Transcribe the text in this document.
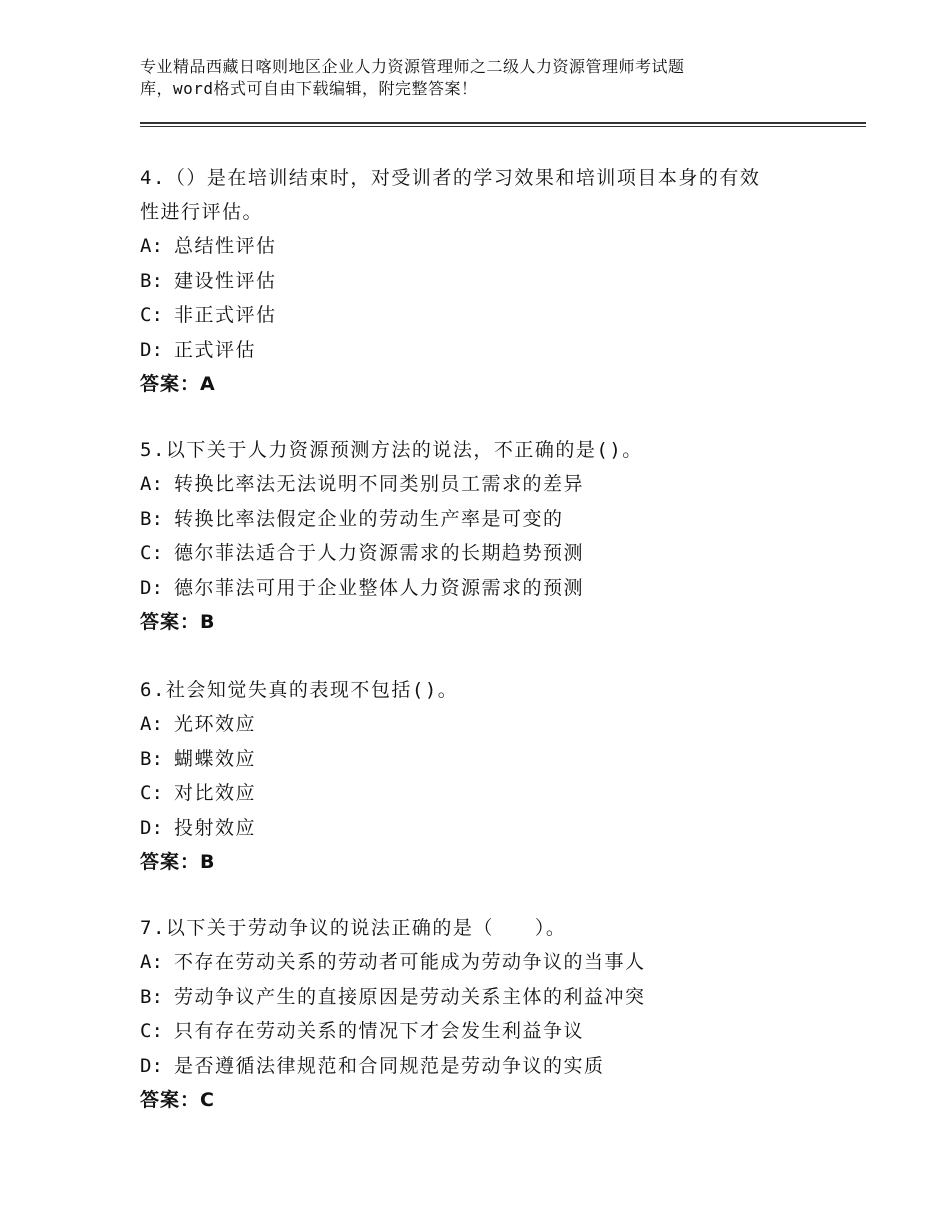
专业精品西藏日喀则地区企业人力资源管理师之二级人力资源管理师考试题
库，word格式可自由下载编辑，附完整答案！
4.（）是在培训结束时，对受训者的学习效果和培训项目本身的有效
性进行评估。
A: 总结性评估
B: 建设性评估
C: 非正式评估
D: 正式评估
答案：A
5.以下关于人力资源预测方法的说法，不正确的是()。
A: 转换比率法无法说明不同类别员工需求的差异
B: 转换比率法假定企业的劳动生产率是可变的
C: 德尔菲法适合于人力资源需求的长期趋势预测
D: 德尔菲法可用于企业整体人力资源需求的预测
答案：B
6.社会知觉失真的表现不包括()。
A: 光环效应
B: 蝴蝶效应
C: 对比效应
D: 投射效应
答案：B
7.以下关于劳动争议的说法正确的是（　　）。
A: 不存在劳动关系的劳动者可能成为劳动争议的当事人
B: 劳动争议产生的直接原因是劳动关系主体的利益冲突
C: 只有存在劳动关系的情况下才会发生利益争议
D: 是否遵循法律规范和合同规范是劳动争议的实质
答案：C
